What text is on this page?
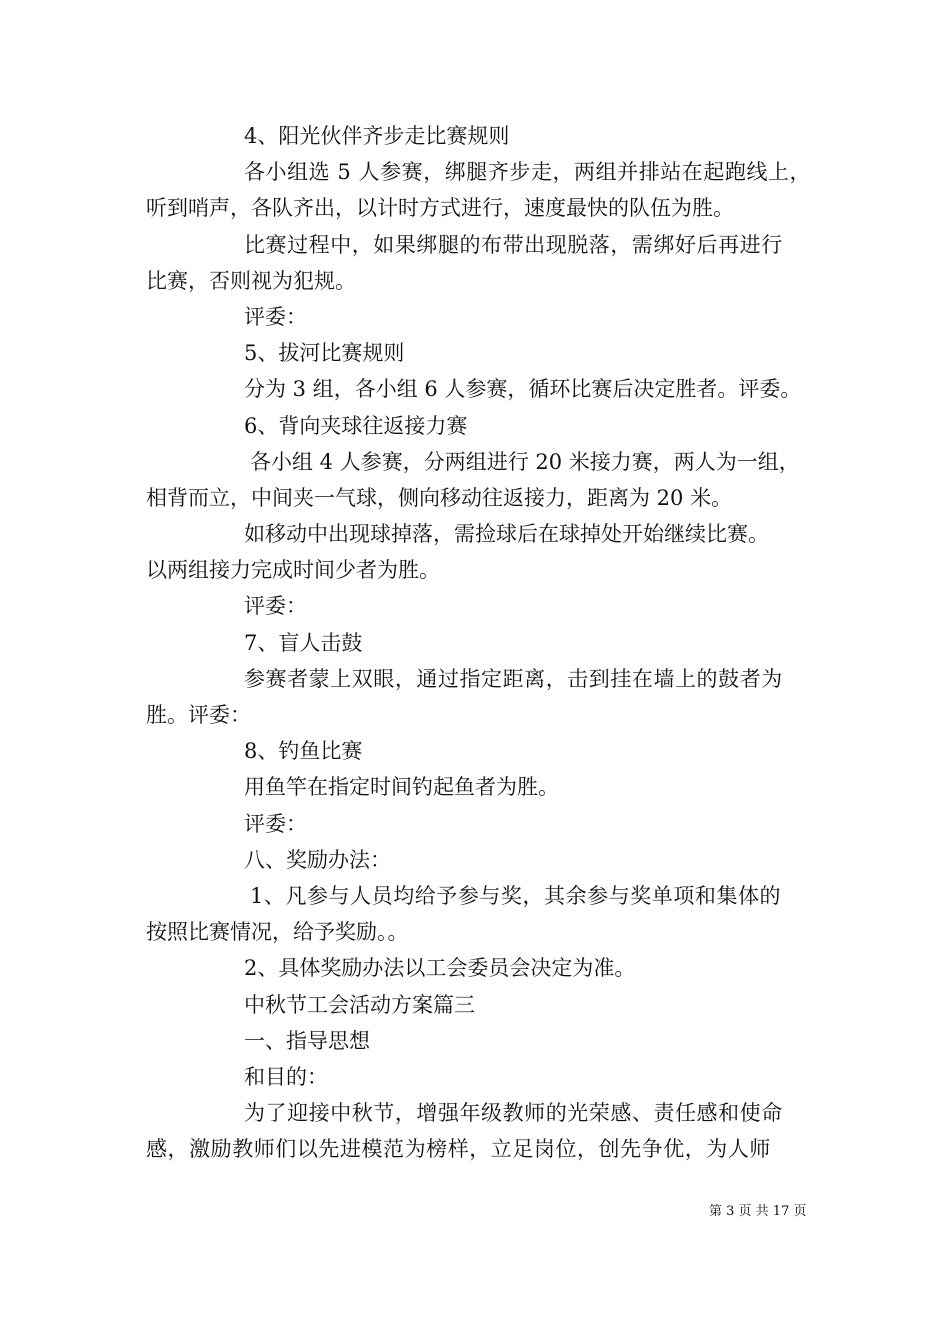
4、阳光伙伴齐步走比赛规则
各小组选 5 人参赛，绑腿齐步走，两组并排站在起跑线上，
听到哨声，各队齐出，以计时方式进行，速度最快的队伍为胜。
比赛过程中，如果绑腿的布带出现脱落，需绑好后再进行
比赛，否则视为犯规。
评委：
5、拔河比赛规则
分为 3 组，各小组 6 人参赛，循环比赛后决定胜者。评委。
6、背向夹球往返接力赛
各小组 4 人参赛，分两组进行 20 米接力赛，两人为一组，
相背而立，中间夹一气球，侧向移动往返接力，距离为 20 米。
如移动中出现球掉落，需捡球后在球掉处开始继续比赛。
以两组接力完成时间少者为胜。
评委：
7、盲人击鼓
参赛者蒙上双眼，通过指定距离，击到挂在墙上的鼓者为
胜。评委：
8、钓鱼比赛
用鱼竿在指定时间钓起鱼者为胜。
评委：
八、奖励办法：
1、凡参与人员均给予参与奖，其余参与奖单项和集体的
按照比赛情况，给予奖励。。
2、具体奖励办法以工会委员会决定为准。
中秋节工会活动方案篇三
一、指导思想
和目的：
为了迎接中秋节，增强年级教师的光荣感、责任感和使命
感，激励教师们以先进模范为榜样，立足岗位，创先争优，为人师
第 3 页 共 17 页
